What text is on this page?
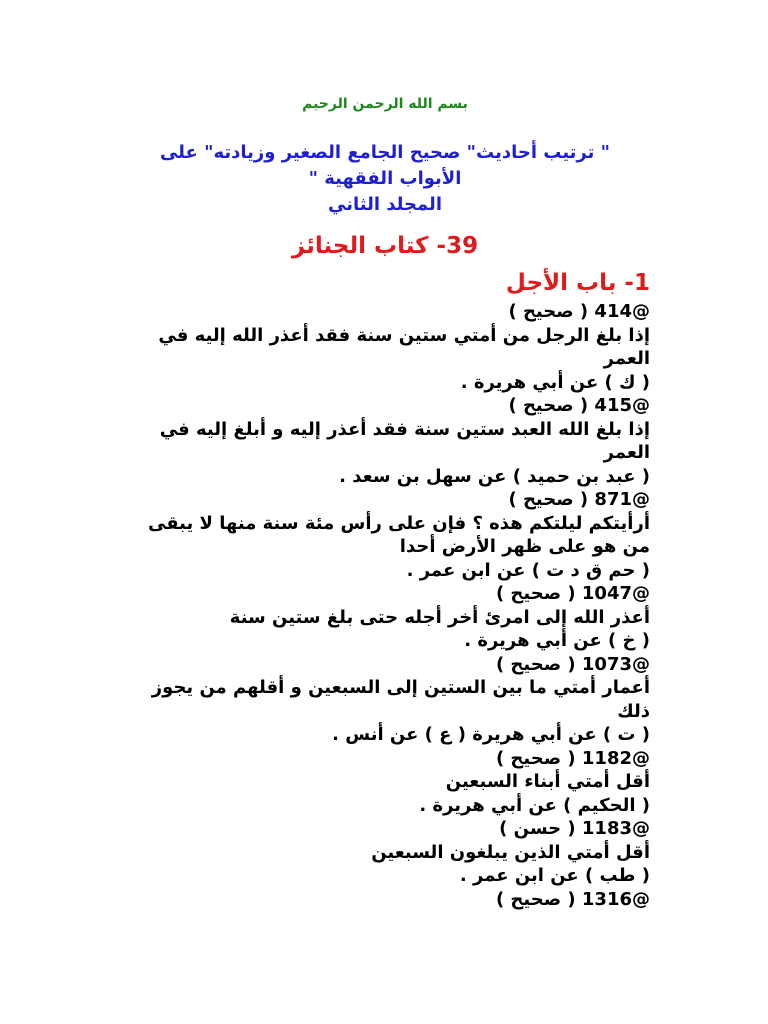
بسم الله الرحمن الرحيم
" ترتيب أحاديث" صحيح الجامع الصغير وزيادته" على
الأبواب الفقهية "
المجلد الثاني
39- كتاب الجنائز
1- باب الأجل
@414 ( صحيح )
إذا بلغ الرجل من أمتي ستين سنة فقد أعذر الله إليه في العمر
( ك ) عن أبي هريرة .
@415 ( صحيح )
إذا بلغ الله العبد ستين سنة فقد أعذر إليه و أبلغ إليه في العمر
( عبد بن حميد ) عن سهل بن سعد .
@871 ( صحيح )
أرأيتكم ليلتكم هذه ؟ فإن على رأس مئة سنة منها لا يبقى من هو على ظهر الأرض أحدا
( حم ق د ت ) عن ابن عمر .
@1047 ( صحيح )
أعذر الله إلى امرئ أخر أجله حتى بلغ ستين سنة
( خ ) عن أبي هريرة .
@1073 ( صحيح )
أعمار أمتي ما بين الستين إلى السبعين و أقلهم من يجوز ذلك
( ت ) عن أبي هريرة ( ع ) عن أنس .
@1182 ( صحيح )
أقل أمتي أبناء السبعين
( الحكيم ) عن أبي هريرة .
@1183 ( حسن )
أقل أمتي الذين يبلغون السبعين
( طب ) عن ابن عمر .
@1316 ( صحيح )
